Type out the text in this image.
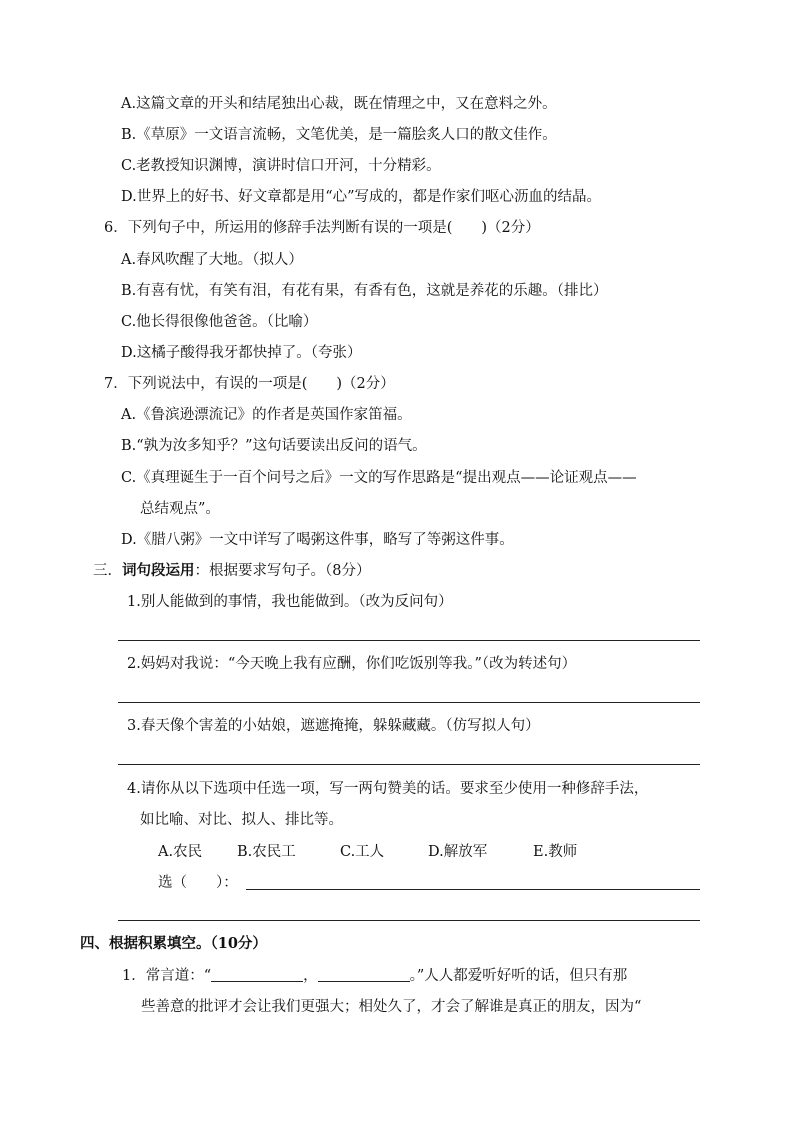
A.这篇文章的开头和结尾独出心裁，既在情理之中，又在意料之外。
B.《草原》一文语言流畅，文笔优美，是一篇脍炙人口的散文佳作。
C.老教授知识渊博，演讲时信口开河，十分精彩。
D.世界上的好书、好文章都是用“心”写成的，都是作家们呕心沥血的结晶。
6．下列句子中，所运用的修辞手法判断有误的一项是(　　)（2分）
A.春风吹醒了大地。（拟人）
B.有喜有忧，有笑有泪，有花有果，有香有色，这就是养花的乐趣。（排比）
C.他长得很像他爸爸。（比喻）
D.这橘子酸得我牙都快掉了。（夸张）
7．下列说法中，有误的一项是(　　)（2分）
A.《鲁滨逊漂流记》的作者是英国作家笛福。
B.“孰为汝多知乎？”这句话要读出反问的语气。
C.《真理诞生于一百个问号之后》一文的写作思路是“提出观点——论证观点——
总结观点”。
D.《腊八粥》一文中详写了喝粥这件事，略写了等粥这件事。
三．词句段运用：根据要求写句子。（8分）
1.别人能做到的事情，我也能做到。（改为反问句）
2.妈妈对我说：“今天晚上我有应酬，你们吃饭别等我。”（改为转述句）
3.春天像个害羞的小姑娘，遮遮掩掩，躲躲藏藏。（仿写拟人句）
4.请你从以下选项中任选一项，写一两句赞美的话。要求至少使用一种修辞手法，
如比喻、对比、拟人、排比等。
A.农民 B.农民工	C.工人	D.解放军	E.教师
选（　　）：
四、根据积累填空。（10分）
1．常言道：“	，	。”人人都爱听好听的话，但只有那
些善意的批评才会让我们更强大；相处久了，才会了解谁是真正的朋友，因为“
